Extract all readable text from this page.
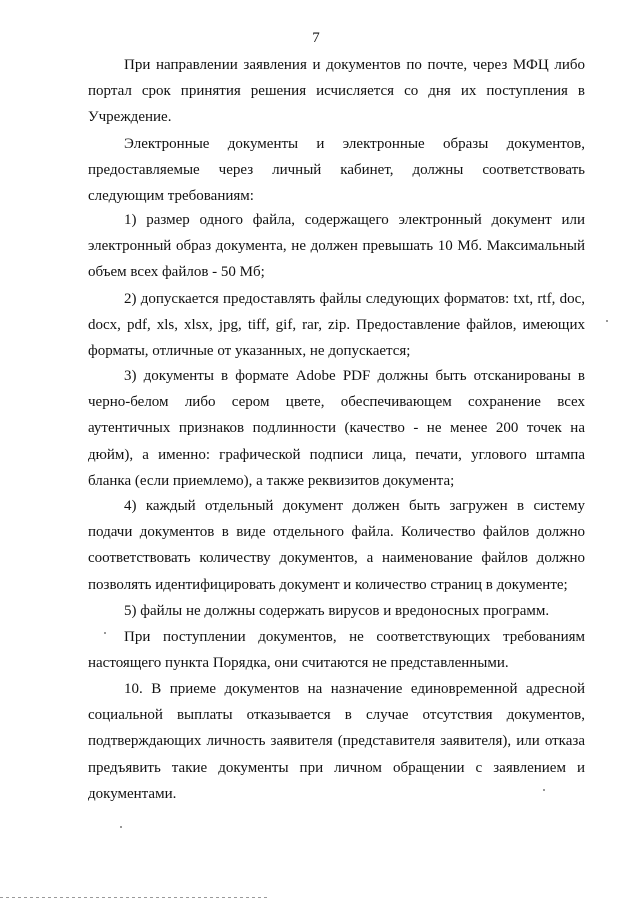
7

При направлении заявления и документов по почте, через МФЦ либо портал срок принятия решения исчисляется со дня их поступления в Учреждение.

Электронные документы и электронные образы документов, предоставляемые через личный кабинет, должны соответствовать следующим требованиям:

1) размер одного файла, содержащего электронный документ или электронный образ документа, не должен превышать 10 Мб. Максимальный объем всех файлов - 50 Мб;

2) допускается предоставлять файлы следующих форматов: txt, rtf, doc, docx, pdf, xls, xlsx, jpg, tiff, gif, rar, zip. Предоставление файлов, имеющих форматы, отличные от указанных, не допускается;

3) документы в формате Adobe PDF должны быть отсканированы в черно-белом либо сером цвете, обеспечивающем сохранение всех аутентичных признаков подлинности (качество - не менее 200 точек на дюйм), а именно: графической подписи лица, печати, углового штампа бланка (если приемлемо), а также реквизитов документа;

4) каждый отдельный документ должен быть загружен в систему подачи документов в виде отдельного файла. Количество файлов должно соответствовать количеству документов, а наименование файлов должно позволять идентифицировать документ и количество страниц в документе;

5) файлы не должны содержать вирусов и вредоносных программ.

При поступлении документов, не соответствующих требованиям настоящего пункта Порядка, они считаются не представленными.

10. В приеме документов на назначение единовременной адресной социальной выплаты отказывается в случае отсутствия документов, подтверждающих личность заявителя (представителя заявителя), или отказа предъявить такие документы при личном обращении с заявлением и документами.
